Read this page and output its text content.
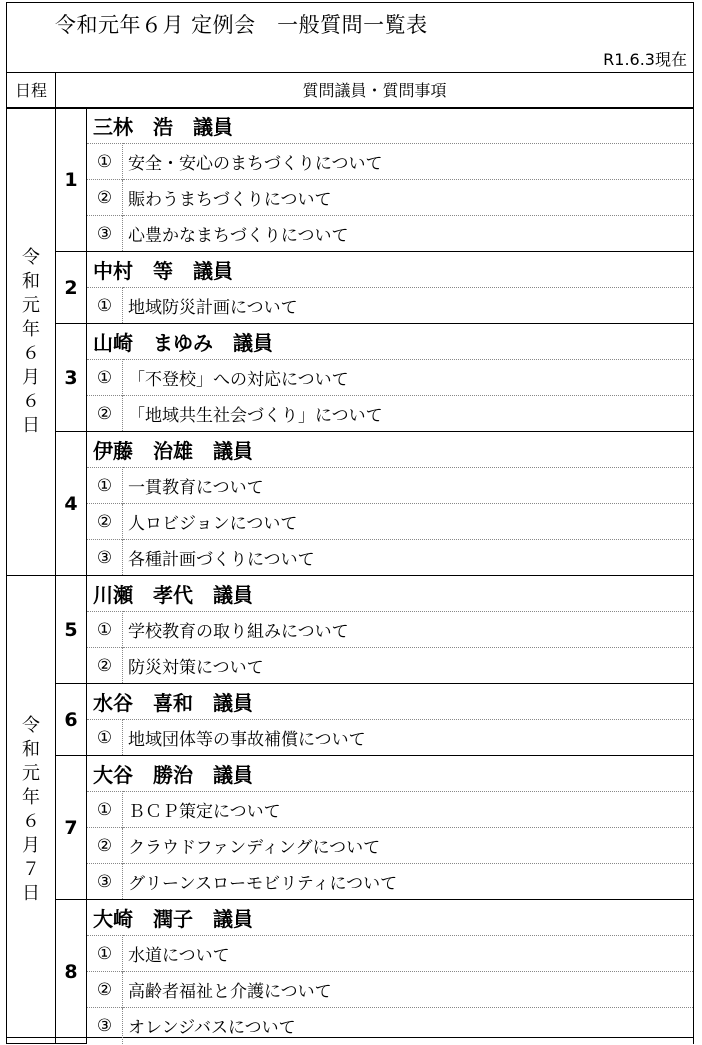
令和元年６月 定例会　一般質問一覧表
R1.6.3現在
日程	質問議員・質問事項		
令和元年６月６日	1	三林　浩　議員	
		①	安全・安心のまちづくりについて
		②	賑わうまちづくりについて
		③	心豊かなまちづくりについて
	2	中村　等　議員	
		①	地域防災計画について
	3	山崎　まゆみ　議員	
		①	「不登校」への対応について
		②	「地域共生社会づくり」について
	4	伊藤　治雄　議員	
		①	一貫教育について
		②	人ロビジョンについて
		③	各種計画づくりについて
令和元年６月７日	5	川瀬　孝代　議員	
		①	学校教育の取り組みについて
		②	防災対策について
	6	水谷　喜和　議員	
		①	地域団体等の事故補償について
	7	大谷　勝治　議員	
		①	ＢＣＰ策定について
		②	クラウドファンディングについて
		③	グリーンスローモビリティについて
	8	大崎　潤子　議員	
		①	水道について
		②	高齢者福祉と介護について
		③	オレンジバスについて
